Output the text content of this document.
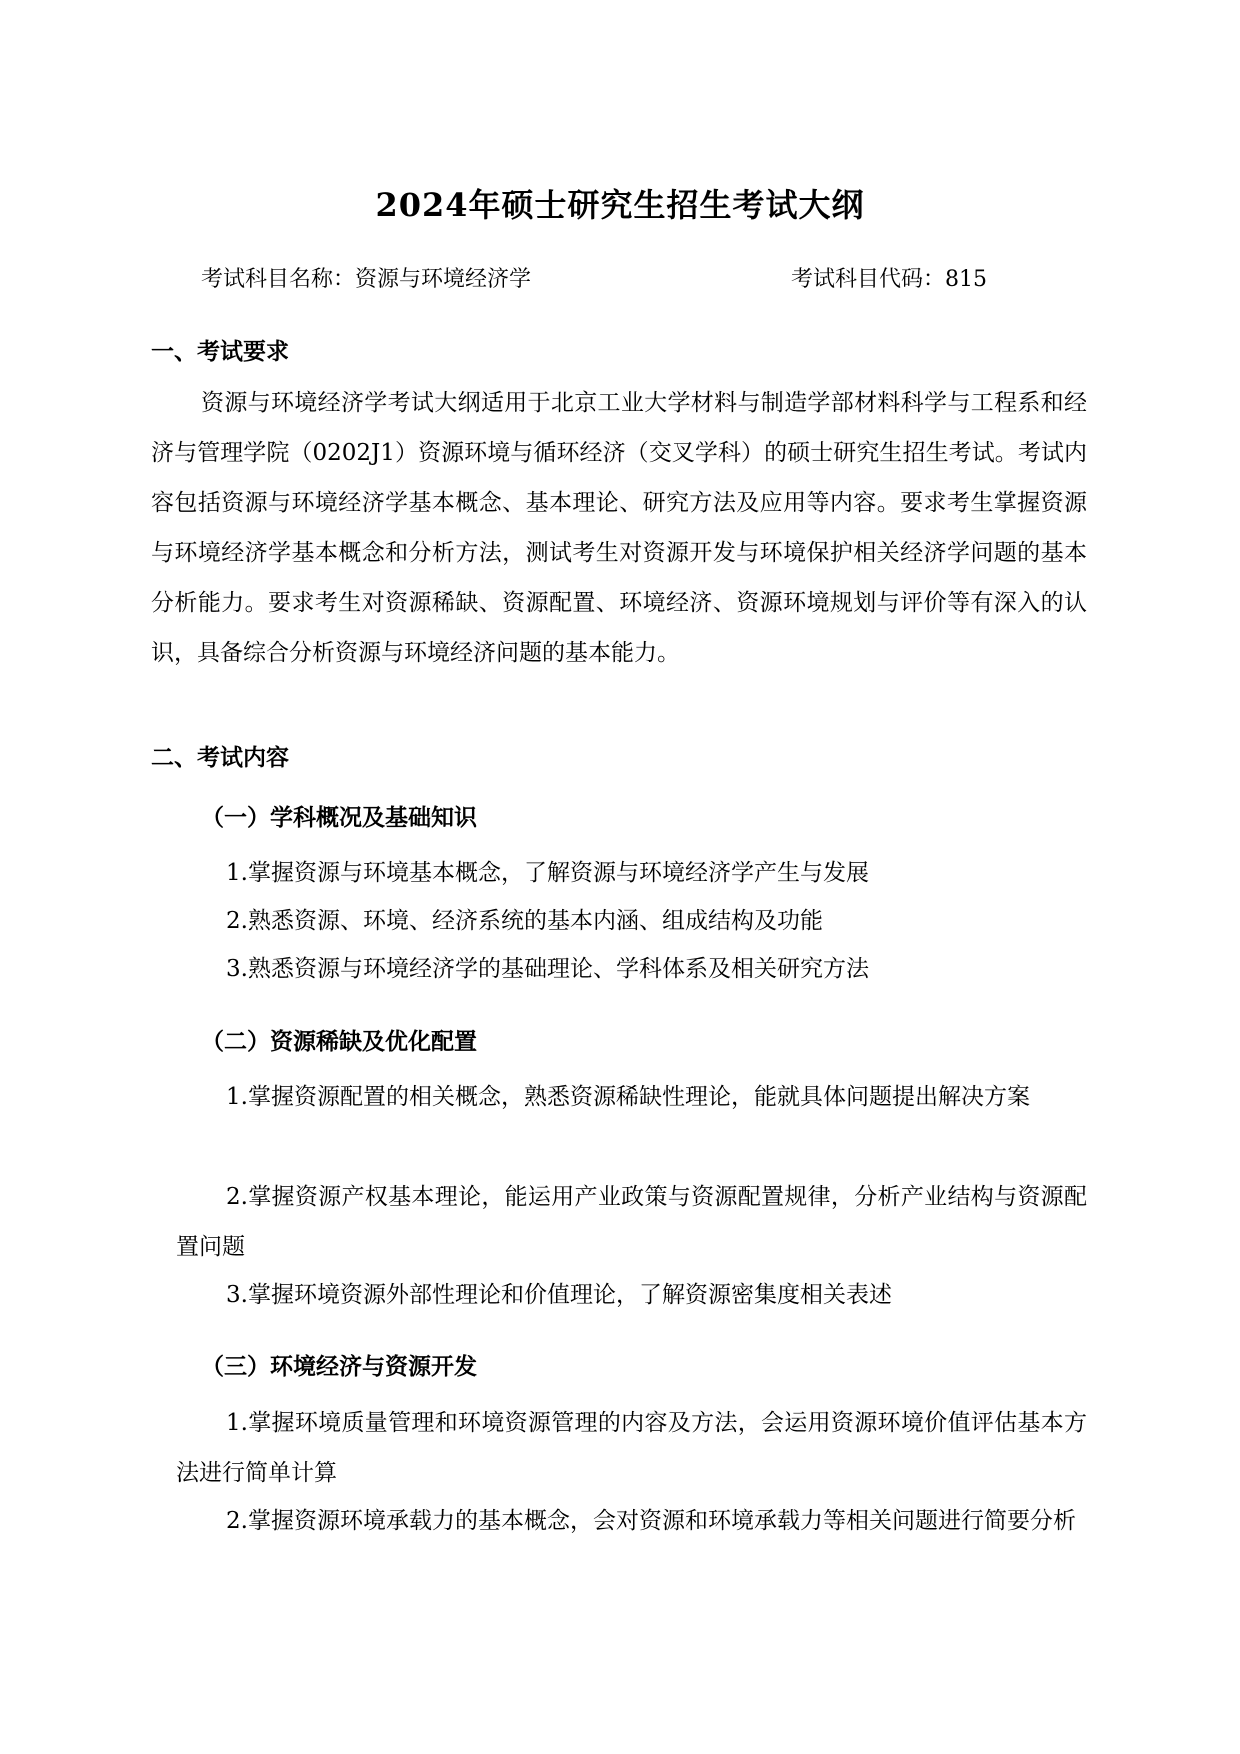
2024年硕士研究生招生考试大纲
考试科目名称：资源与环境经济学	考试科目代码：815
一、考试要求

资源与环境经济学考试大纲适用于北京工业大学材料与制造学部材料科学与工程系和经济与管理学院（0202J1）资源环境与循环经济（交叉学科）的硕士研究生招生考试。考试内容包括资源与环境经济学基本概念、基本理论、研究方法及应用等内容。要求考生掌握资源与环境经济学基本概念和分析方法，测试考生对资源开发与环境保护相关经济学问题的基本分析能力。要求考生对资源稀缺、资源配置、环境经济、资源环境规划与评价等有深入的认识，具备综合分析资源与环境经济问题的基本能力。

二、考试内容
（一）学科概况及基础知识

1.掌握资源与环境基本概念，了解资源与环境经济学产生与发展

2.熟悉资源、环境、经济系统的基本内涵、组成结构及功能

3.熟悉资源与环境经济学的基础理论、学科体系及相关研究方法

（二）资源稀缺及优化配置

1.掌握资源配置的相关概念，熟悉资源稀缺性理论，能就具体问题提出解决方案

2.掌握资源产权基本理论，能运用产业政策与资源配置规律，分析产业结构与资源配置问题

3.掌握环境资源外部性理论和价值理论，了解资源密集度相关表述

（三）环境经济与资源开发

1.掌握环境质量管理和环境资源管理的内容及方法，会运用资源环境价值评估基本方法进行简单计算

2.掌握资源环境承载力的基本概念，会对资源和环境承载力等相关问题进行简要分析
